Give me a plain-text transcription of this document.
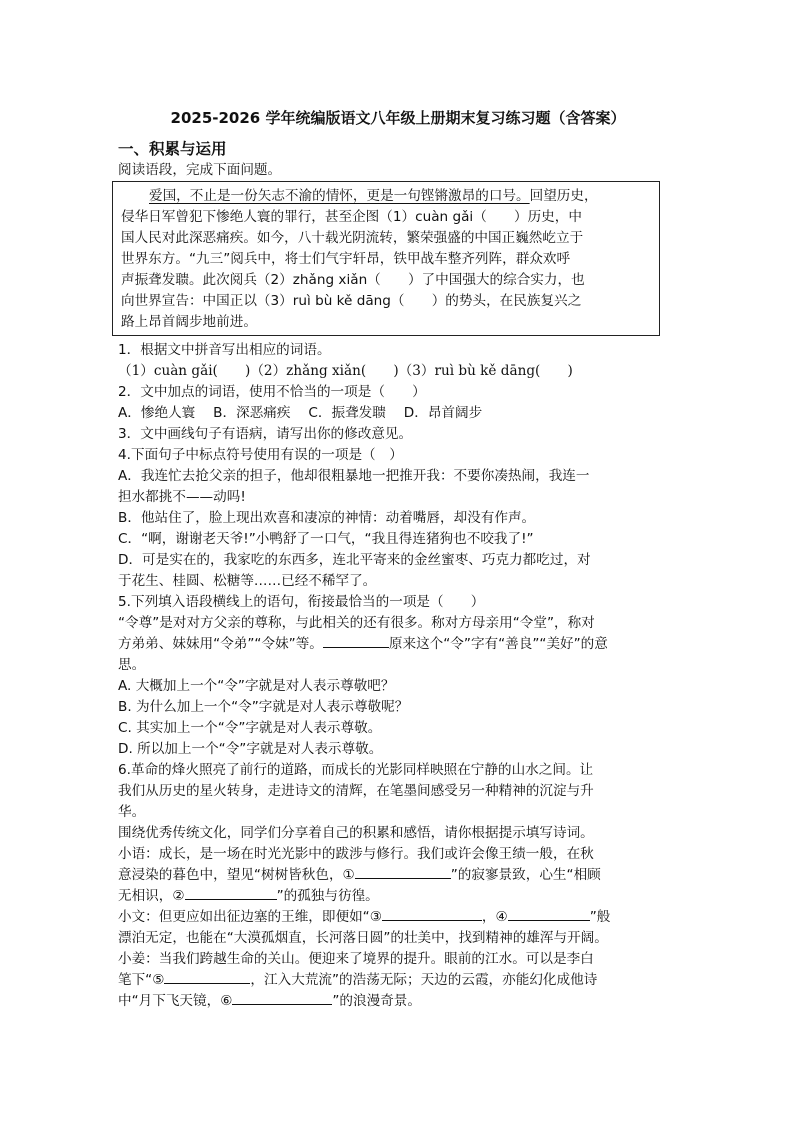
2025-2026 学年统编版语文八年级上册期末复习练习题（含答案）
一、积累与运用

阅读语段，完成下面问题。

爱国，不止是一份矢志不渝的情怀，更是一句铿锵激昂的口号。回望历史，

侵华日军曾犯下惨绝人寰的罪行，甚至企图（1）cuàn gǎi（　　）历史，中

国人民对此深恶痛疾。如今，八十载光阴流转，繁荣强盛的中国正巍然屹立于

世界东方。“九三”阅兵中，将士们气宇轩昂，铁甲战车整齐列阵，群众欢呼

声振聋发聩。此次阅兵（2）zhǎng xiǎn（　　）了中国强大的综合实力，也

向世界宣告：中国正以（3）ruì bù kě dāng（　　）的势头，在民族复兴之

路上昂首阔步地前进。

1．根据文中拼音写出相应的词语。

（1）cuàn gǎi(　　)（2）zhǎng xiǎn(　　)（3）ruì bù kě dāng(　　)

2．文中加点的词语，使用不恰当的一项是（　　）

A．惨绝人寰　 B．深恶痛疾　 C．振聋发聩　 D．昂首阔步

3．文中画线句子有语病，请写出你的修改意见。

4.下面句子中标点符号使用有误的一项是（　）

A．我连忙去抢父亲的担子，他却很粗暴地一把推开我：不要你凑热闹，我连一

担水都挑不——动吗!

B．他站住了，脸上现出欢喜和凄凉的神情：动着嘴唇，却没有作声。

C．“啊，谢谢老天爷!”小鸭舒了一口气，“我且得连猪狗也不咬我了!”

D．可是实在的，我家吃的东西多，连北平寄来的金丝蜜枣、巧克力都吃过，对

于花生、桂圆、松糖等……已经不稀罕了。

5.下列填入语段横线上的语句，衔接最恰当的一项是（　　）

“令尊”是对对方父亲的尊称，与此相关的还有很多。称对方母亲用“令堂”，称对

方弟弟、妹妹用“令弟”“令妹”等。	原来这个“令”字有“善良”“美好”的意

思。

A. 大概加上一个“令”字就是对人表示尊敬吧？

B. 为什么加上一个“令”字就是对人表示尊敬呢？

C. 其实加上一个“令”字就是对人表示尊敬。

D. 所以加上一个“令”字就是对人表示尊敬。

6.革命的烽火照亮了前行的道路，而成长的光影同样映照在宁静的山水之间。让

我们从历史的星火转身，走进诗文的清辉，在笔墨间感受另一种精神的沉淀与升

华。

围绕优秀传统文化，同学们分享着自己的积累和感悟，请你根据提示填写诗词。

小语：成长，是一场在时光光影中的跋涉与修行。我们或许会像王绩一般，在秋

意浸染的暮色中，望见“树树皆秋色，①	”的寂寥景致，心生“相顾

无相识，②	”的孤独与彷徨。

小文：但更应如出征边塞的王维，即便如“③	，④	”般

漂泊无定，也能在“大漠孤烟直，长河落日圆”的壮美中，找到精神的雄浑与开阔。

小姜：当我们跨越生命的关山。便迎来了境界的提升。眼前的江水。可以是李白

笔下“⑤	，江入大荒流”的浩荡无际；天边的云霞，亦能幻化成他诗

中“月下飞天镜，⑥	”的浪漫奇景。
